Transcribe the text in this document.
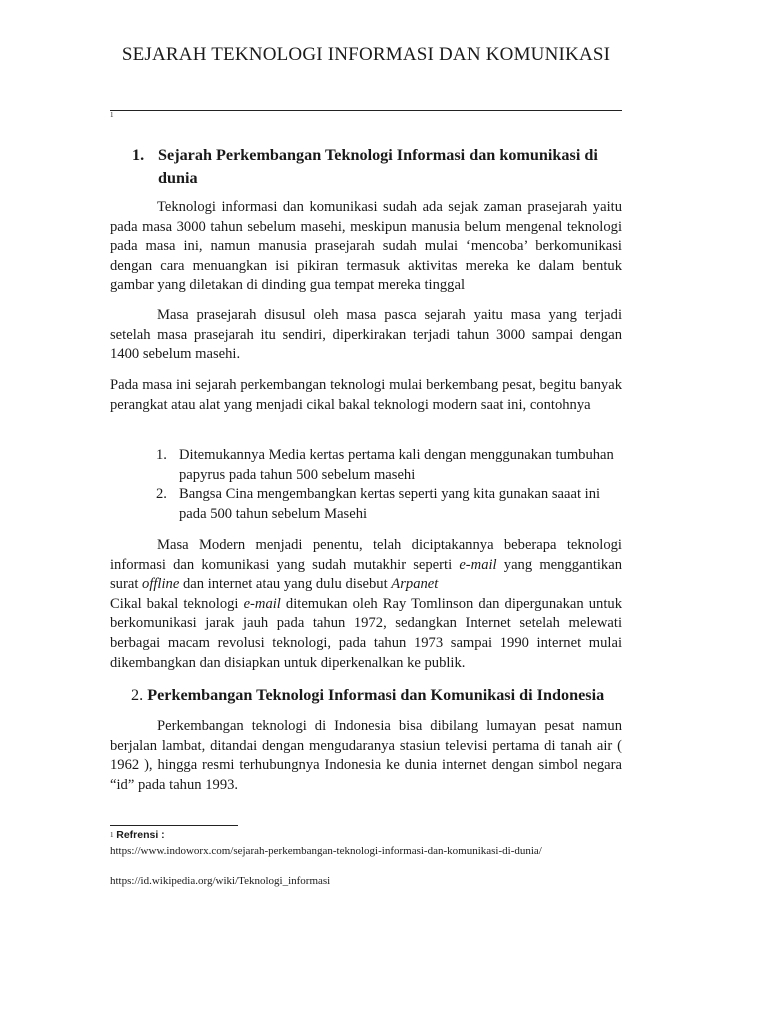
SEJARAH TEKNOLOGI INFORMASI DAN KOMUNIKASI
1
1. Sejarah Perkembangan Teknologi Informasi dan komunikasi di dunia

Teknologi informasi dan komunikasi sudah ada sejak zaman prasejarah yaitu pada masa 3000 tahun sebelum masehi, meskipun manusia belum mengenal teknologi pada masa ini, namun manusia prasejarah sudah mulai ‘mencoba’ berkomunikasi dengan cara menuangkan isi pikiran termasuk aktivitas mereka ke dalam bentuk gambar yang diletakan di dinding gua tempat mereka tinggal

Masa prasejarah disusul oleh masa pasca sejarah yaitu masa yang terjadi setelah masa prasejarah itu sendiri, diperkirakan terjadi tahun 3000 sampai dengan 1400 sebelum masehi.

Pada masa ini sejarah perkembangan teknologi mulai berkembang pesat, begitu banyak perangkat atau alat yang menjadi cikal bakal teknologi modern saat ini, contohnya

1. Ditemukannya Media kertas pertama kali dengan menggunakan tumbuhan papyrus pada tahun 500 sebelum masehi
2. Bangsa Cina mengembangkan kertas seperti yang kita gunakan saaat ini pada 500 tahun sebelum Masehi

Masa Modern menjadi penentu, telah diciptakannya beberapa teknologi informasi dan komunikasi yang sudah mutakhir seperti e-mail yang menggantikan surat offline dan internet atau yang dulu disebut Arpanet
Cikal bakal teknologi e-mail ditemukan oleh Ray Tomlinson dan dipergunakan untuk berkomunikasi jarak jauh pada tahun 1972, sedangkan Internet setelah melewati berbagai macam revolusi teknologi, pada tahun 1973 sampai 1990 internet mulai dikembangkan dan disiapkan untuk diperkenalkan ke publik.

2. Perkembangan Teknologi Informasi dan Komunikasi di Indonesia

Perkembangan teknologi di Indonesia bisa dibilang lumayan pesat namun berjalan lambat, ditandai dengan mengudaranya stasiun televisi pertama di tanah air ( 1962 ), hingga resmi terhubungnya Indonesia ke dunia internet dengan simbol negara “id” pada tahun 1993.

$^1$ Refrensi :
https://www.indoworx.com/sejarah-perkembangan-teknologi-informasi-dan-komunikasi-di-dunia/
https://id.wikipedia.org/wiki/Teknologi_informasi
